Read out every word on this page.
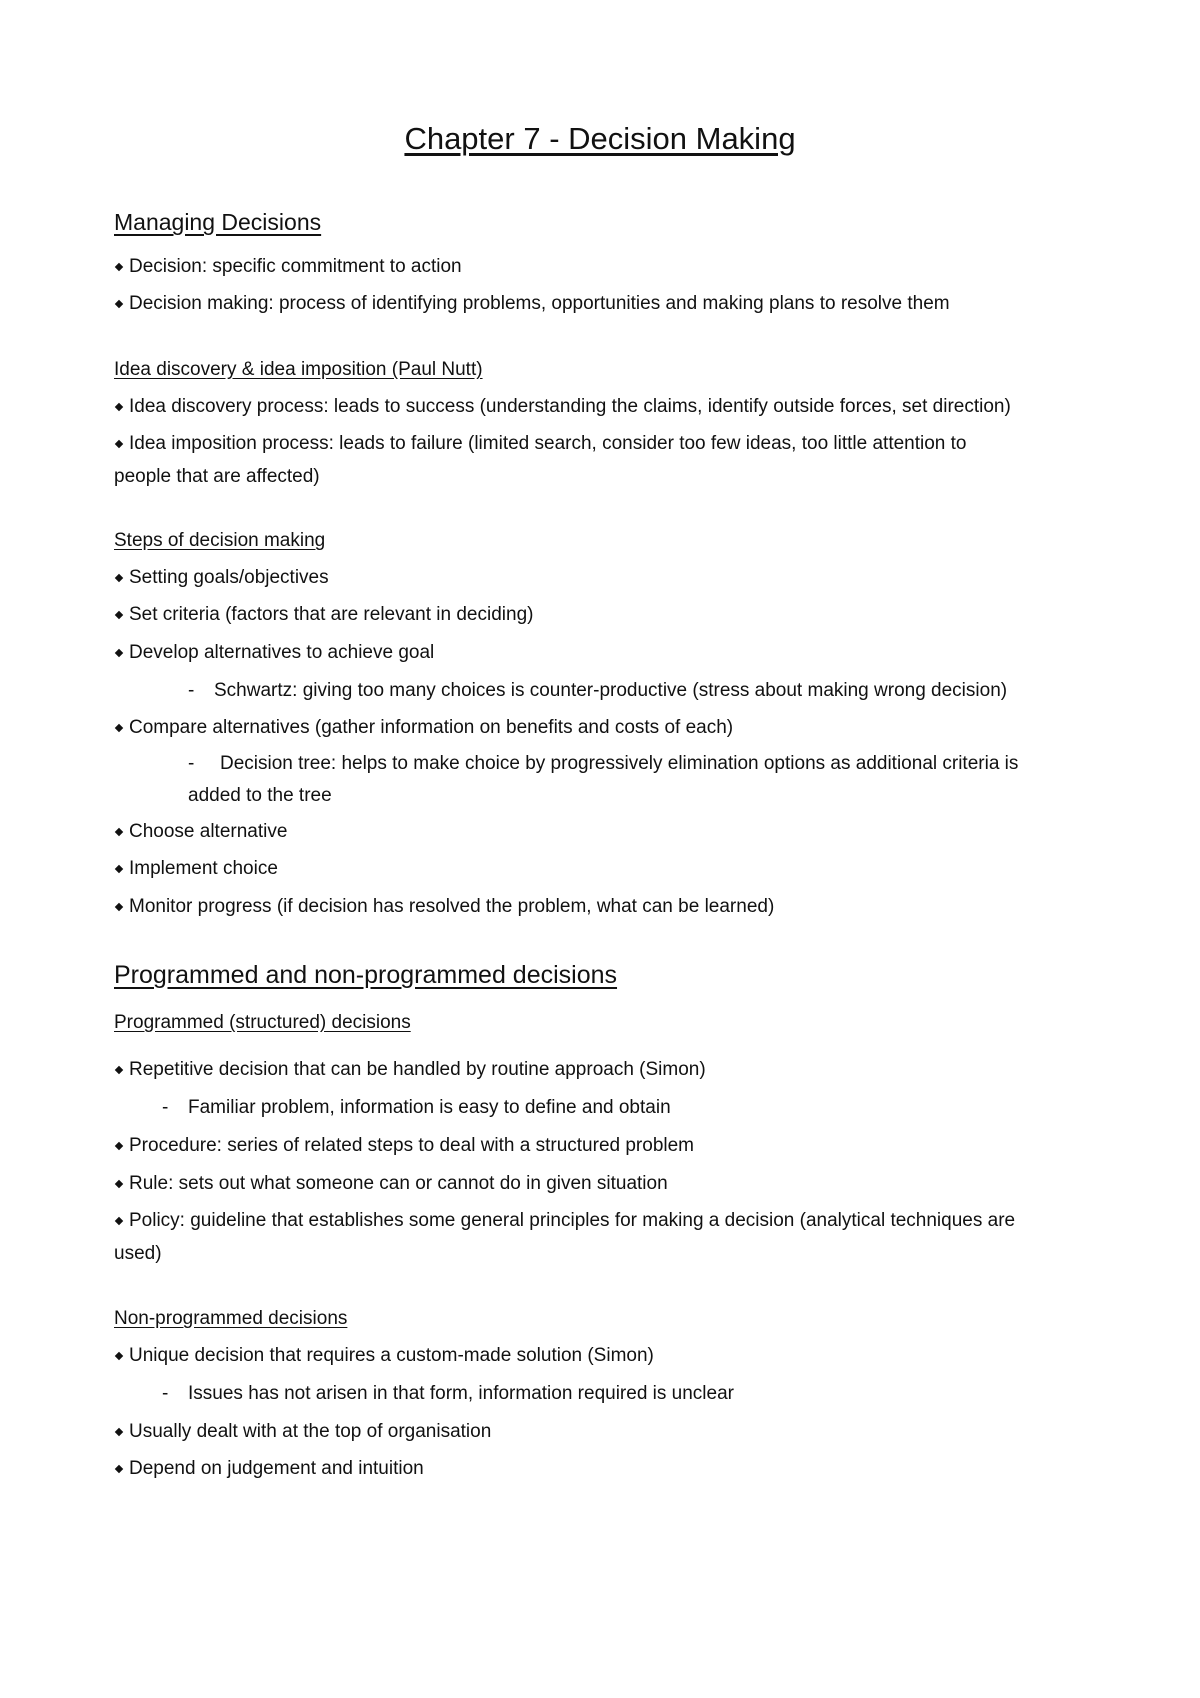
Chapter 7 - Decision Making
Managing Decisions
Decision: specific commitment to action
Decision making: process of identifying problems, opportunities and making plans to resolve them
Idea discovery & idea imposition (Paul Nutt)
Idea discovery process: leads to success (understanding the claims, identify outside forces, set direction)
Idea imposition process: leads to failure (limited search, consider too few ideas, too little attention to
people that are affected)
Steps of decision making
Setting goals/objectives
Set criteria (factors that are relevant in deciding)
Develop alternatives to achieve goal
- Schwartz: giving too many choices is counter-productive (stress about making wrong decision)
Compare alternatives (gather information on benefits and costs of each)
- Decision tree: helps to make choice by progressively elimination options as additional criteria is
added to the tree
Choose alternative
Implement choice
Monitor progress (if decision has resolved the problem, what can be learned)
Programmed and non-programmed decisions
Programmed (structured) decisions
Repetitive decision that can be handled by routine approach (Simon)
- Familiar problem, information is easy to define and obtain
Procedure: series of related steps to deal with a structured problem
Rule: sets out what someone can or cannot do in given situation
Policy: guideline that establishes some general principles for making a decision (analytical techniques are
used)
Non-programmed decisions
Unique decision that requires a custom-made solution (Simon)
- Issues has not arisen in that form, information required is unclear
Usually dealt with at the top of organisation
Depend on judgement and intuition
